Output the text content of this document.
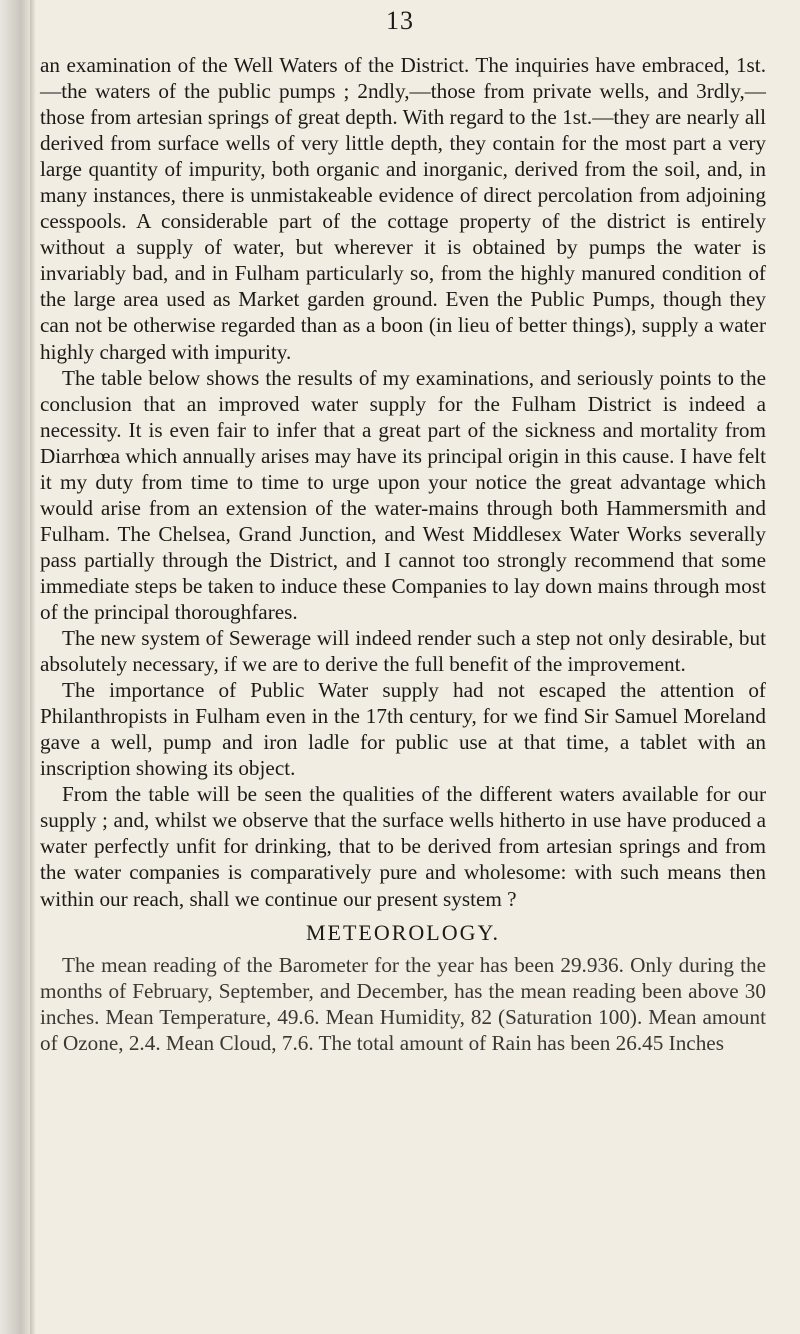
13

an examination of the Well Waters of the District. The inquiries have embraced, 1st.—the waters of the public pumps ; 2ndly,—those from private wells, and 3rdly,—those from artesian springs of great depth. With regard to the 1st.—they are nearly all derived from surface wells of very little depth, they contain for the most part a very large quantity of impurity, both organic and inorganic, derived from the soil, and, in many instances, there is unmistakeable evidence of direct percolation from adjoining cesspools. A considerable part of the cottage property of the district is entirely without a supply of water, but wherever it is obtained by pumps the water is invariably bad, and in Fulham particularly so, from the highly manured condition of the large area used as Market garden ground. Even the Public Pumps, though they can not be otherwise regarded than as a boon (in lieu of better things), supply a water highly charged with impurity.

The table below shows the results of my examinations, and seriously points to the conclusion that an improved water supply for the Fulham District is indeed a necessity. It is even fair to infer that a great part of the sickness and mortality from Diarrhœa which annually arises may have its principal origin in this cause. I have felt it my duty from time to time to urge upon your notice the great advantage which would arise from an extension of the water-mains through both Hammersmith and Fulham. The Chelsea, Grand Junction, and West Middlesex Water Works severally pass partially through the District, and I cannot too strongly recommend that some immediate steps be taken to induce these Companies to lay down mains through most of the principal thoroughfares.

The new system of Sewerage will indeed render such a step not only desirable, but absolutely necessary, if we are to derive the full benefit of the improvement.

The importance of Public Water supply had not escaped the attention of Philanthropists in Fulham even in the 17th century, for we find Sir Samuel Moreland gave a well, pump and iron ladle for public use at that time, a tablet with an inscription showing its object.

From the table will be seen the qualities of the different waters available for our supply ; and, whilst we observe that the surface wells hitherto in use have produced a water perfectly unfit for drinking, that to be derived from artesian springs and from the water companies is comparatively pure and wholesome: with such means then within our reach, shall we continue our present system ?

METEOROLOGY.

The mean reading of the Barometer for the year has been 29.936. Only during the months of February, September, and December, has the mean reading been above 30 inches. Mean Temperature, 49.6. Mean Humidity, 82 (Saturation 100). Mean amount of Ozone, 2.4. Mean Cloud, 7.6. The total amount of Rain has been 26.45 Inches
